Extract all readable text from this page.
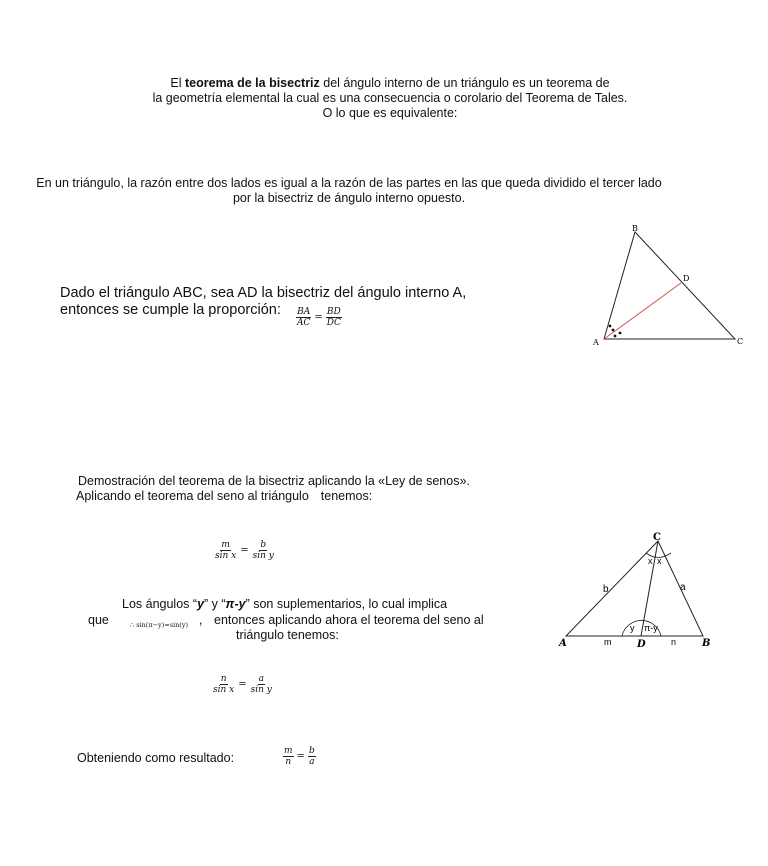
El teorema de la bisectriz del ángulo interno de un triángulo es un teorema de
la geometría elemental la cual es una consecuencia o corolario del Teorema de Tales.
O lo que es equivalente:
En un triángulo, la razón entre dos lados es igual a la razón de las partes en las que queda dividido el tercer lado
por la bisectriz de ángulo interno opuesto.
Dado el triángulo ABC, sea AD la bisectriz del ángulo interno A,
entonces se cumple la proporción:	$\frac{BA}{AC} = \frac{BD}{DC}$
A
B
C
D
Demostración del teorema de la bisectriz aplicando la «Ley de senos».
Aplicando el teorema del seno al triángulo tenemos:
$\frac{m}{\text{sin x}} = \frac{b}{\text{sin y}}$
Los ángulos “y” y “π-y” son suplementarios, lo cual implica
que	∴ sin(π−y)=sin(y) , entonces aplicando ahora el teorema del seno al
triángulo tenemos:
$\frac{n}{\text{sin x}} = \frac{a}{\text{sin y}}$
Obteniendo como resultado:	$\frac{m}{n} = \frac{b}{a}$
A
C
B
D
b	a
m	n
x x
y π-y
